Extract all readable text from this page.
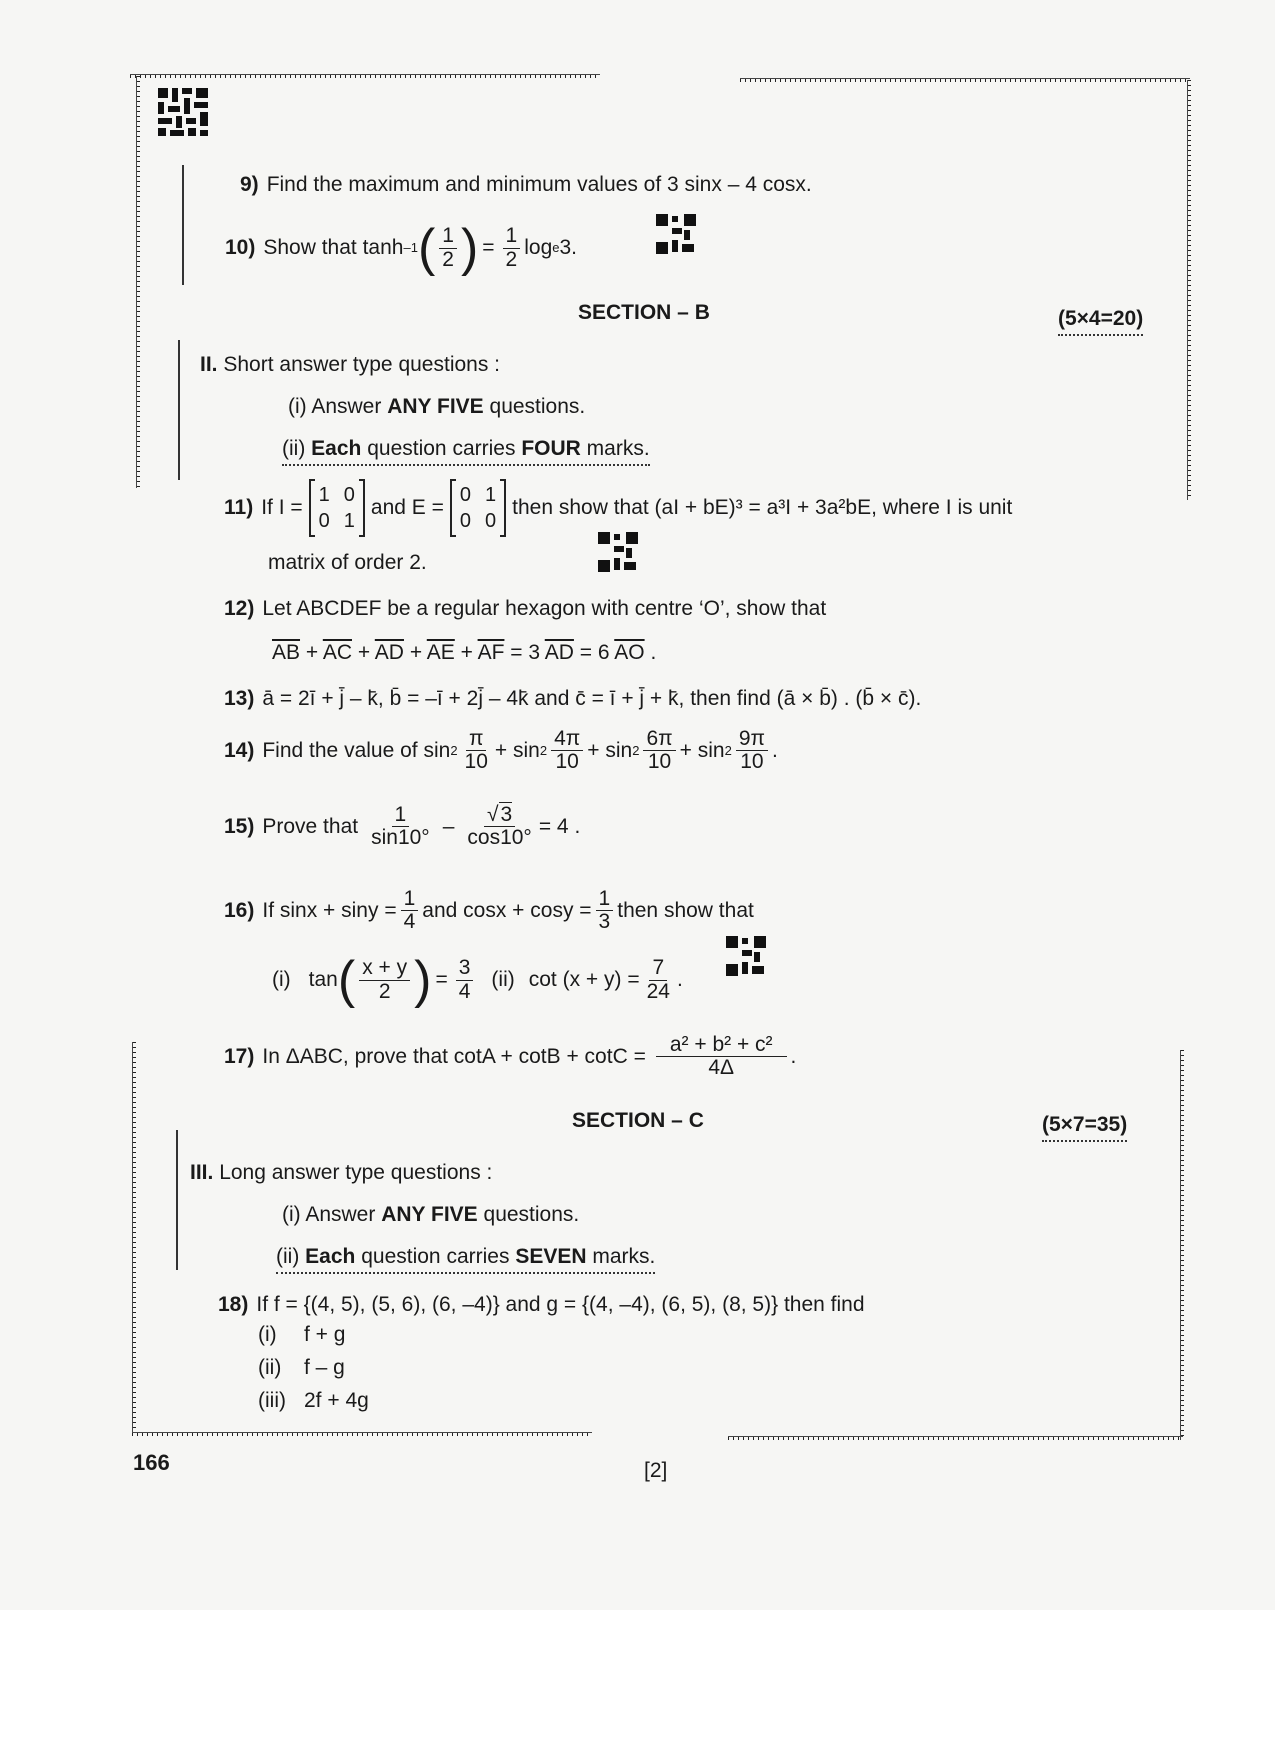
9) Find the maximum and minimum values of 3 sinx – 4 cosx.
10) Show that tanh –1 ( $\frac{1}{2}$ ) = $\frac{1}{2}$ log e 3.
SECTION – B	(5×4=20)
II. Short answer type questions :
(i) Answer ANY FIVE questions.
(ii) Each question carries FOUR marks.
11) If I =
1 0
0 1
and E =
0 1
0 0
then show that (aI + bE)³ = a³I + 3a²bE, where I is unit
matrix of order 2.
12) Let ABCDEF be a regular hexagon with centre ‘O’, show that
$\overline{AB} + \overline{AC} + \overline{AD} + \overline{AE} + \overline{AF} = 3$ $\overline{AD} = 6$ $\overline{AO}$ .
13) ā = 2ī + j̄ – k̄, b̄ = –ī + 2j̄ – 4k̄ and c̄ = ī + j̄ + k̄, then find (ā × b̄) . (b̄ × c̄).
14) Find the value of $\sin 2 \frac{\pi}{10} + \sin 2 \frac{4\pi}{10} + \sin 2 \frac{6\pi}{10} + \sin 2 \frac{9\pi}{10}$ .
15) Prove that $\frac{1}{\sin 10^\circ} - \frac{√3}{\cos 10^\circ} = 4$ .
16) If $\sin x + \sin y = \frac{1}{4}$ and $\cos x + \cos y = \frac{1}{3}$ then show that
(i) tan ( $\frac{x + y}{2}$ ) = $\frac{3}{4} (ii)$ $\cot (x + y) = \frac{7}{24}$ .
17) In ΔABC, prove that $\cot A + \cot B + \cot C = \frac{\text{a² + b² + c²}}{4\Delta}$ .
SECTION – C	(5×7=35)
III. Long answer type questions :
(i) Answer ANY FIVE questions.
(ii) Each question carries SEVEN marks.
18) If f = {(4, 5), (5, 6), (6, –4)} and g = {(4, –4), (6, 5), (8, 5)} then find
(i) f + g
(ii) f – g
(iii) 2f + 4g
166	[2]
